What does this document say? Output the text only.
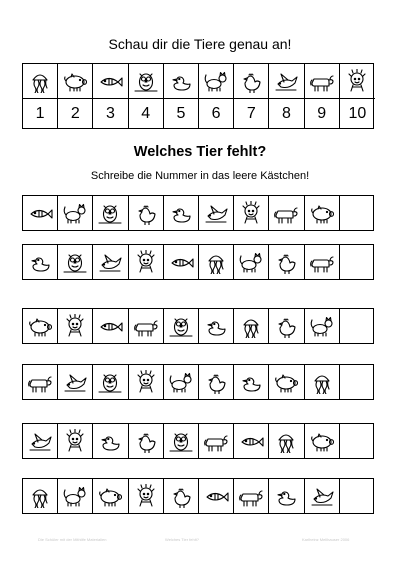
Schau dir die Tiere genau an!
1	2	3	4	5	6	7	8	9	10
Welches Tier fehlt?
Schreibe die Nummer in das leere Kästchen!
Die Schüler mit der Mithilfe Materialien	Welches Tier fehlt?	Karlheinz Mellhauser 2006
